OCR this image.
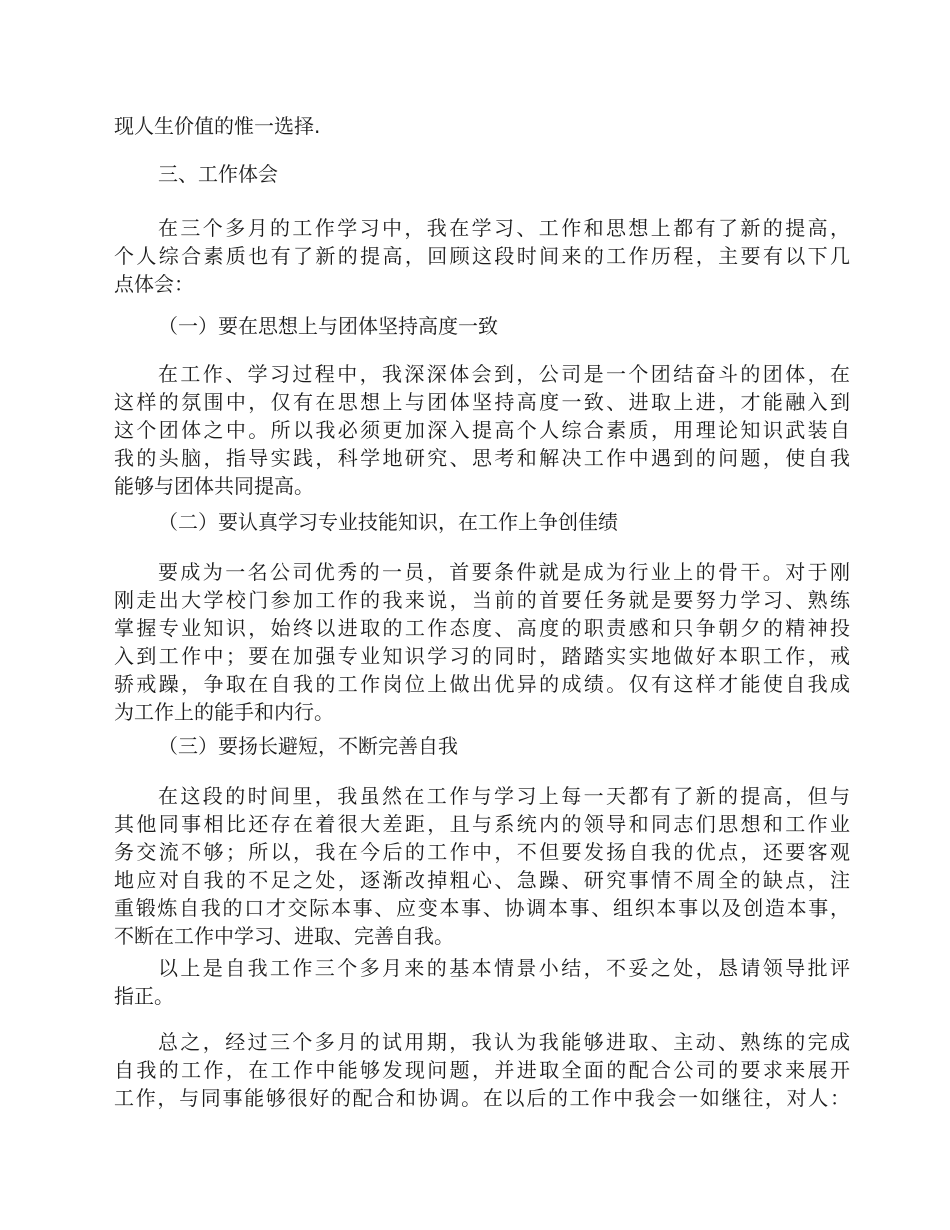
现人生价值的惟一选择.
三、工作体会
在三个多月的工作学习中，我在学习、工作和思想上都有了新的提高，
个人综合素质也有了新的提高，回顾这段时间来的工作历程，主要有以下几
点体会：
（一）要在思想上与团体坚持高度一致
在工作、学习过程中，我深深体会到，公司是一个团结奋斗的团体，在
这样的氛围中，仅有在思想上与团体坚持高度一致、进取上进，才能融入到
这个团体之中。所以我必须更加深入提高个人综合素质，用理论知识武装自
我的头脑，指导实践，科学地研究、思考和解决工作中遇到的问题，使自我
能够与团体共同提高。
（二）要认真学习专业技能知识，在工作上争创佳绩
要成为一名公司优秀的一员，首要条件就是成为行业上的骨干。对于刚
刚走出大学校门参加工作的我来说，当前的首要任务就是要努力学习、熟练
掌握专业知识，始终以进取的工作态度、高度的职责感和只争朝夕的精神投
入到工作中；要在加强专业知识学习的同时，踏踏实实地做好本职工作，戒
骄戒躁，争取在自我的工作岗位上做出优异的成绩。仅有这样才能使自我成
为工作上的能手和内行。
（三）要扬长避短，不断完善自我
在这段的时间里，我虽然在工作与学习上每一天都有了新的提高，但与
其他同事相比还存在着很大差距，且与系统内的领导和同志们思想和工作业
务交流不够；所以，我在今后的工作中，不但要发扬自我的优点，还要客观
地应对自我的不足之处，逐渐改掉粗心、急躁、研究事情不周全的缺点，注
重锻炼自我的口才交际本事、应变本事、协调本事、组织本事以及创造本事，
不断在工作中学习、进取、完善自我。
以上是自我工作三个多月来的基本情景小结，不妥之处，恳请领导批评
指正。
总之，经过三个多月的试用期，我认为我能够进取、主动、熟练的完成
自我的工作，在工作中能够发现问题，并进取全面的配合公司的要求来展开
工作，与同事能够很好的配合和协调。在以后的工作中我会一如继往，对人：
